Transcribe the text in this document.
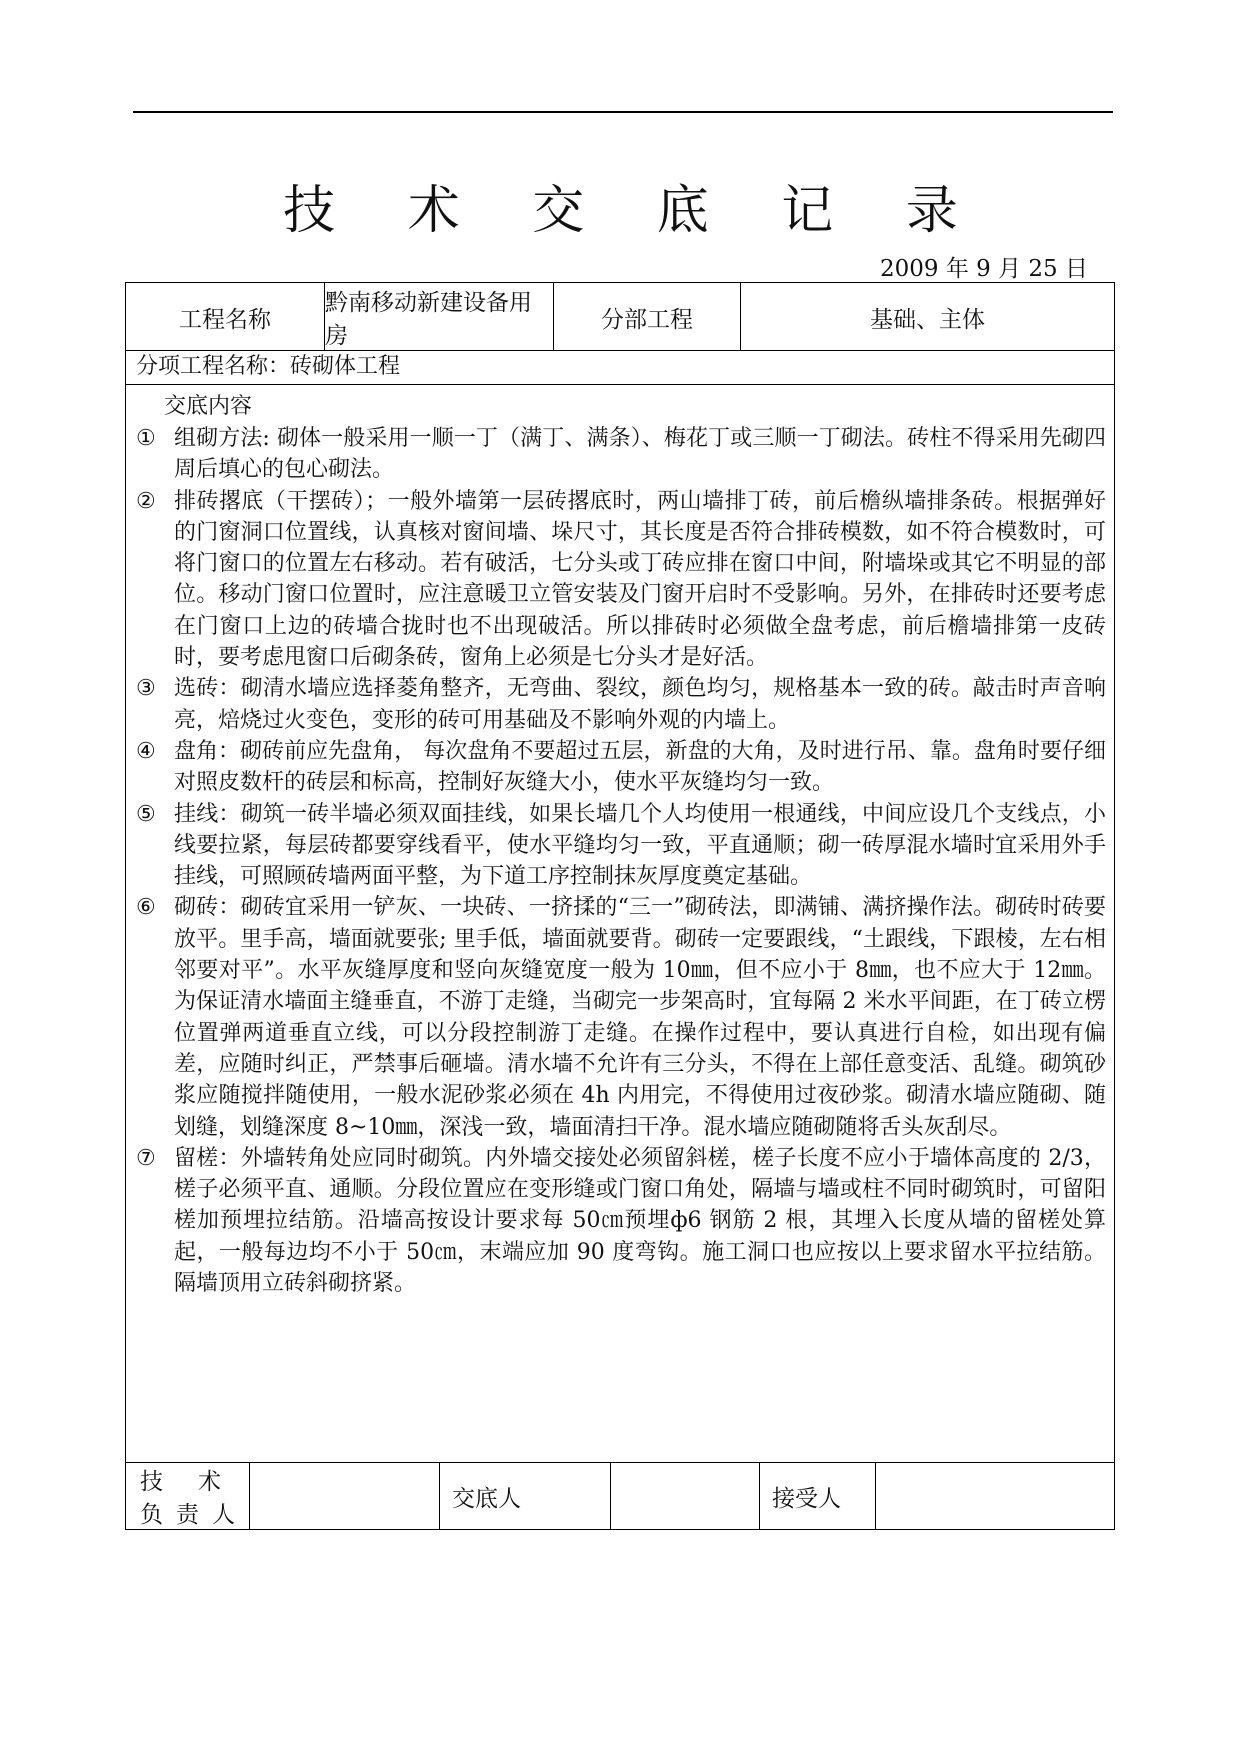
技 术 交 底 记 录
2009 年 9 月 25 日
工程名称
黔南移动新建设备用房
分部工程	基础、主体
分项工程名称：砖砌体工程
交底内容
① 组砌方法: 砌体一般采用一顺一丁（满丁、满条）、梅花丁或三顺一丁砌法。砖柱不得采用先砌四周后填心的包心砌法。
② 排砖撂底（干摆砖）；一般外墙第一层砖撂底时，两山墙排丁砖，前后檐纵墙排条砖。根据弹好的门窗洞口位置线，认真核对窗间墙、垛尺寸，其长度是否符合排砖模数，如不符合模数时，可将门窗口的位置左右移动。若有破活，七分头或丁砖应排在窗口中间，附墙垛或其它不明显的部位。移动门窗口位置时，应注意暖卫立管安装及门窗开启时不受影响。另外，在排砖时还要考虑在门窗口上边的砖墙合拢时也不出现破活。所以排砖时必须做全盘考虑，前后檐墙排第一皮砖时，要考虑甩窗口后砌条砖，窗角上必须是七分头才是好活。
③ 选砖：砌清水墙应选择菱角整齐，无弯曲、裂纹，颜色均匀，规格基本一致的砖。敲击时声音响亮，焙烧过火变色，变形的砖可用基础及不影响外观的内墙上。
④ 盘角：砌砖前应先盘角， 每次盘角不要超过五层，新盘的大角，及时进行吊、靠。盘角时要仔细对照皮数杆的砖层和标高，控制好灰缝大小，使水平灰缝均匀一致。
⑤ 挂线：砌筑一砖半墙必须双面挂线，如果长墙几个人均使用一根通线，中间应设几个支线点，小线要拉紧，每层砖都要穿线看平，使水平缝均匀一致，平直通顺；砌一砖厚混水墙时宜采用外手挂线，可照顾砖墙两面平整，为下道工序控制抹灰厚度奠定基础。
⑥ 砌砖：砌砖宜采用一铲灰、一块砖、一挤揉的“三一”砌砖法，即满铺、满挤操作法。砌砖时砖要放平。里手高，墙面就要张; 里手低，墙面就要背。砌砖一定要跟线，“土跟线，下跟棱，左右相邻要对平”。水平灰缝厚度和竖向灰缝宽度一般为 10㎜，但不应小于 8㎜，也不应大于 12㎜。为保证清水墙面主缝垂直，不游丁走缝，当砌完一步架高时，宜每隔 2 米水平间距，在丁砖立楞位置弹两道垂直立线，可以分段控制游丁走缝。在操作过程中，要认真进行自检，如出现有偏差，应随时纠正，严禁事后砸墙。清水墙不允许有三分头，不得在上部任意变活、乱缝。砌筑砂浆应随搅拌随使用，一般水泥砂浆必须在 4h 内用完，不得使用过夜砂浆。砌清水墙应随砌、随划缝，划缝深度 8~10㎜，深浅一致，墙面清扫干净。混水墙应随砌随将舌头灰刮尽。
⑦ 留槎：外墙转角处应同时砌筑。内外墙交接处必须留斜槎，槎子长度不应小于墙体高度的 2/3，槎子必须平直、通顺。分段位置应在变形缝或门窗口角处，隔墙与墙或柱不同时砌筑时，可留阳槎加预埋拉结筋。沿墙高按设计要求每 50㎝预埋ф6 钢筋 2 根，其埋入长度从墙的留槎处算起，一般每边均不小于 50㎝，末端应加 90 度弯钩。施工洞口也应按以上要求留水平拉结筋。隔墙顶用立砖斜砌挤紧。
技 术
负 责 人
交底人	接受人
